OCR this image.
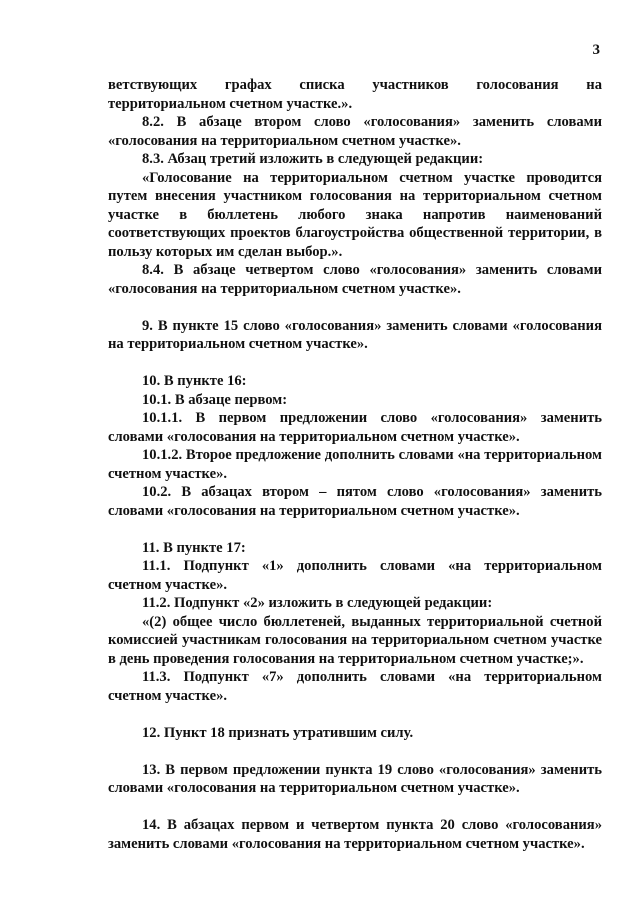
3

ветствующих графах списка участников голосования на территориальном счетном участке.».

8.2. В абзаце втором слово «голосования» заменить словами «голосования на территориальном счетном участке».

8.3. Абзац третий изложить в следующей редакции:

«Голосование на территориальном счетном участке проводится путем внесения участником голосования на территориальном счетном участке в бюллетень любого знака напротив наименований соответствующих проектов благоустройства общественной территории, в пользу которых им сделан выбор.».

8.4. В абзаце четвертом слово «голосования» заменить словами «голосования на территориальном счетном участке».

9. В пункте 15 слово «голосования» заменить словами «голосования на территориальном счетном участке».

10. В пункте 16:

10.1. В абзаце первом:

10.1.1. В первом предложении слово «голосования» заменить словами «голосования на территориальном счетном участке».

10.1.2. Второе предложение дополнить словами «на территориальном счетном участке».

10.2. В абзацах втором – пятом слово «голосования» заменить словами «голосования на территориальном счетном участке».

11. В пункте 17:

11.1. Подпункт «1» дополнить словами «на территориальном счетном участке».

11.2. Подпункт «2» изложить в следующей редакции:

«(2) общее число бюллетеней, выданных территориальной счетной комиссией участникам голосования на территориальном счетном участке в день проведения голосования на территориальном счетном участке;».

11.3. Подпункт «7» дополнить словами «на территориальном счетном участке».

12. Пункт 18 признать утратившим силу.

13. В первом предложении пункта 19 слово «голосования» заменить словами «голосования на территориальном счетном участке».

14. В абзацах первом и четвертом пункта 20 слово «голосования» заменить словами «голосования на территориальном счетном участке».
